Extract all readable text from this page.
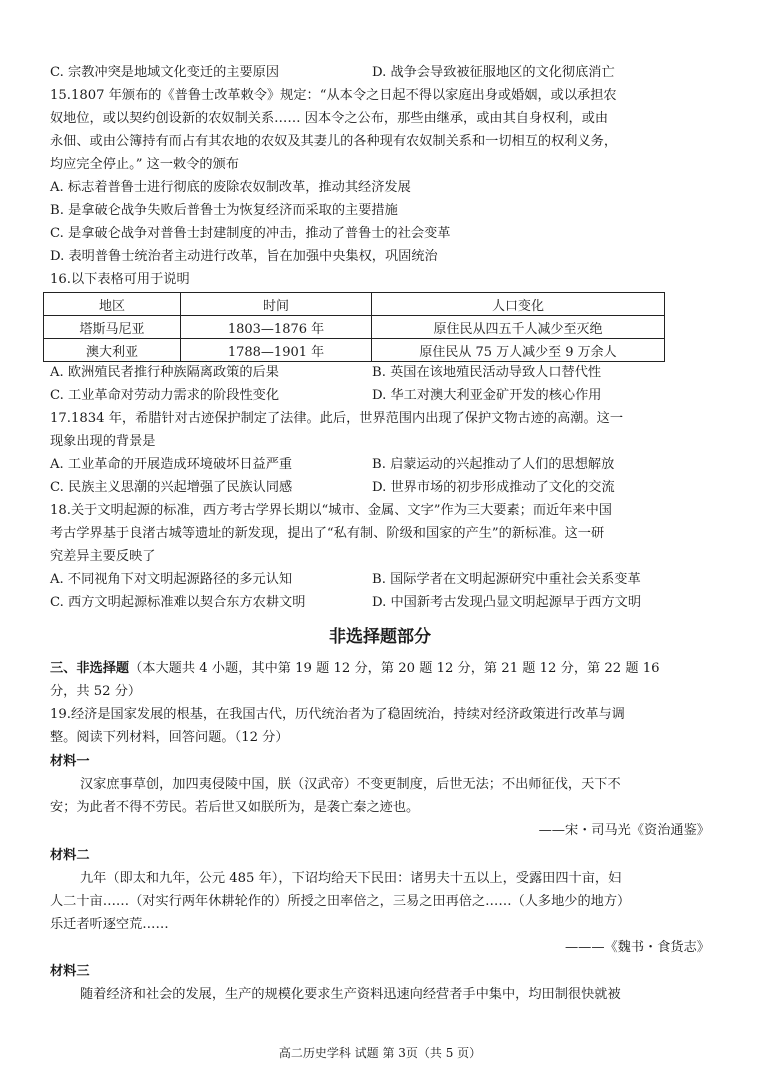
C. 宗教冲突是地域文化变迁的主要原因	D. 战争会导致被征服地区的文化彻底消亡
15.1807 年颁布的《普鲁士改革敕令》规定：“从本令之日起不得以家庭出身或婚姻，或以承担农
奴地位，或以契约创设新的农奴制关系…… 因本令之公布，那些由继承，或由其自身权利，或由
永佃、或由公簿持有而占有其农地的农奴及其妻儿的各种现有农奴制关系和一切相互的权利义务，
均应完全停止。” 这一敕令的颁布
A. 标志着普鲁士进行彻底的废除农奴制改革，推动其经济发展
B. 是拿破仑战争失败后普鲁士为恢复经济而采取的主要措施
C. 是拿破仑战争对普鲁士封建制度的冲击，推动了普鲁士的社会变革
D. 表明普鲁士统治者主动进行改革，旨在加强中央集权，巩固统治
16.以下表格可用于说明
地区	时间	人口变化
塔斯马尼亚	1803—1876 年	原住民从四五千人减少至灭绝
澳大利亚	1788—1901 年	原住民从 75 万人减少至 9 万余人
A. 欧洲殖民者推行种族隔离政策的后果	B. 英国在该地殖民活动导致人口替代性
C. 工业革命对劳动力需求的阶段性变化	D. 华工对澳大利亚金矿开发的核心作用
17.1834 年，希腊针对古迹保护制定了法律。此后，世界范围内出现了保护文物古迹的高潮。这一
现象出现的背景是
A. 工业革命的开展造成环境破坏日益严重	B. 启蒙运动的兴起推动了人们的思想解放
C. 民族主义思潮的兴起增强了民族认同感	D. 世界市场的初步形成推动了文化的交流
18.关于文明起源的标准，西方考古学界长期以“城市、金属、文字”作为三大要素；而近年来中国
考古学界基于良渚古城等遗址的新发现，提出了“私有制、阶级和国家的产生”的新标准。这一研
究差异主要反映了
A. 不同视角下对文明起源路径的多元认知	B. 国际学者在文明起源研究中重社会关系变革
C. 西方文明起源标准难以契合东方农耕文明	D. 中国新考古发现凸显文明起源早于西方文明
非选择题部分
三、非选择题（本大题共 4 小题，其中第 19 题 12 分，第 20 题 12 分，第 21 题 12 分，第 22 题 16
分，共 52 分）
19.经济是国家发展的根基，在我国古代，历代统治者为了稳固统治，持续对经济政策进行改革与调
整。阅读下列材料，回答问题。（12 分）
材料一
汉家庶事草创，加四夷侵陵中国，朕（汉武帝）不变更制度，后世无法；不出师征伐，天下不
安；为此者不得不劳民。若后世又如朕所为，是袭亡秦之迹也。
——宋・司马光《资治通鉴》
材料二
九年（即太和九年，公元 485 年），下诏均给天下民田：诸男夫十五以上，受露田四十亩，妇
人二十亩……（对实行两年休耕轮作的）所授之田率倍之，三易之田再倍之……（人多地少的地方）
乐迁者听逐空荒……
———《魏书・食货志》
材料三
随着经济和社会的发展，生产的规模化要求生产资料迅速向经营者手中集中，均田制很快就被
高二历史学科 试题 第 3页（共 5 页）
